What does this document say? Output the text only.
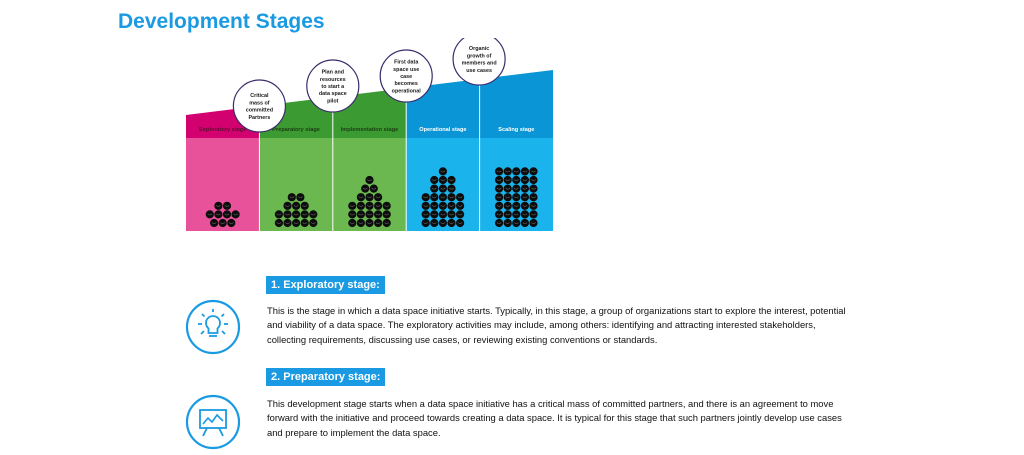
Development Stages
Exploratory stage	Preparatory stage	Implementation stage	Operational stage	Scaling stage
Critical mass of committed Partners
Plan and resources to start a data space pilot
First data space use case becomes operational
Organic growth of members and use cases
1. Exploratory stage:

This is the stage in which a data space initiative starts. Typically, in this stage, a group of organizations start to explore the interest, potential and viability of a data space. The exploratory activities may include, among others: identifying and attracting interested stakeholders, collecting requirements, discussing use cases, or reviewing existing conventions or standards.

2. Preparatory stage:

This development stage starts when a data space initiative has a critical mass of committed partners, and there is an agreement to move forward with the initiative and proceed towards creating a data space. It is typical for this stage that such partners jointly develop use cases and prepare to implement the data space.
